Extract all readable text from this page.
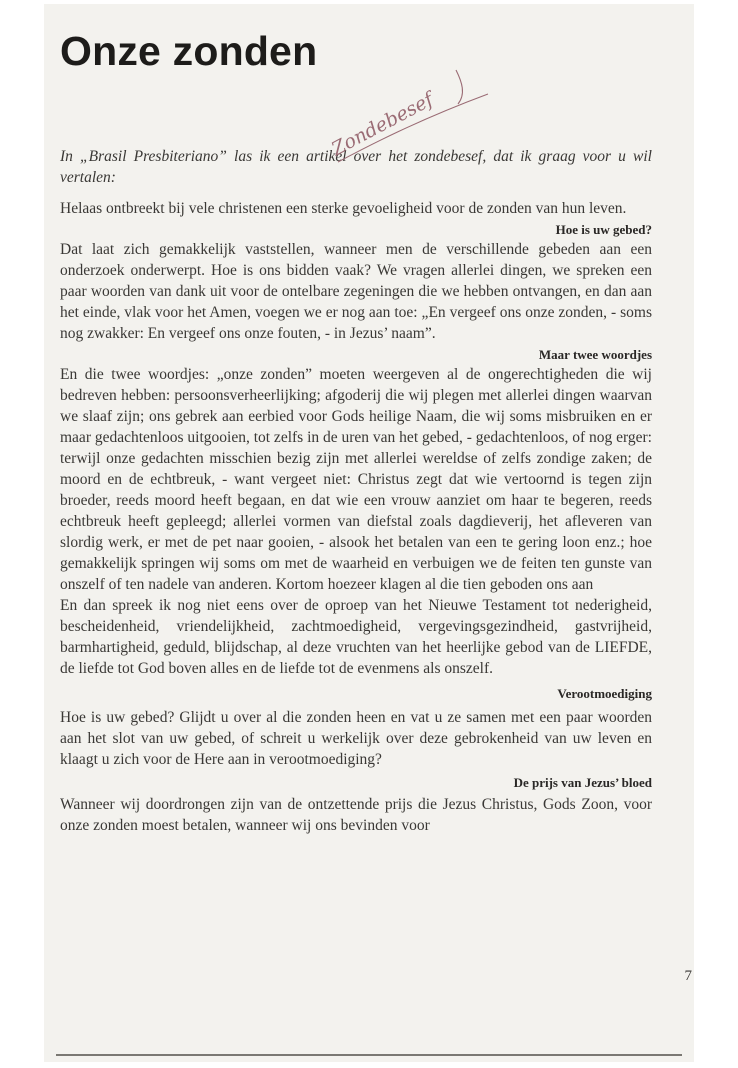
Onze zonden
Zondebesef

In „Brasil Presbiteriano” las ik een artikel over het zondebesef, dat ik graag voor u wil vertalen:

Helaas ontbreekt bij vele christenen een sterke gevoeligheid voor de zonden van hun leven.

Hoe is uw gebed?

Dat laat zich gemakkelijk vaststellen, wanneer men de verschillende gebeden aan een onderzoek onderwerpt. Hoe is ons bidden vaak? We vragen allerlei dingen, we spreken een paar woorden van dank uit voor de ontelbare zegeningen die we hebben ontvangen, en dan aan het einde, vlak voor het Amen, voegen we er nog aan toe: „En vergeef ons onze zonden, - soms nog zwakker: En vergeef ons onze fouten, - in Jezus’ naam”.

Maar twee woordjes

En die twee woordjes: „onze zonden” moeten weergeven al de ongerechtigheden die wij bedreven hebben: persoonsverheerlijking; afgoderij die wij plegen met allerlei dingen waarvan we slaaf zijn; ons gebrek aan eerbied voor Gods heilige Naam, die wij soms misbruiken en er maar gedachtenloos uitgooien, tot zelfs in de uren van het gebed, - gedachtenloos, of nog erger: terwijl onze gedachten misschien bezig zijn met allerlei wereldse of zelfs zondige zaken; de moord en de echtbreuk, - want vergeet niet: Christus zegt dat wie vertoornd is tegen zijn broeder, reeds moord heeft begaan, en dat wie een vrouw aanziet om haar te begeren, reeds echtbreuk heeft gepleegd; allerlei vormen van diefstal zoals dagdieverij, het afleveren van slordig werk, er met de pet naar gooien, - alsook het betalen van een te gering loon enz.; hoe gemakkelijk springen wij soms om met de waarheid en verbuigen we de feiten ten gunste van onszelf of ten nadele van anderen. Kortom hoezeer klagen al die tien geboden ons aan

En dan spreek ik nog niet eens over de oproep van het Nieuwe Testament tot nederigheid, bescheidenheid, vriendelijkheid, zachtmoedigheid, vergevingsgezindheid, gastvrijheid, barmhartigheid, geduld, blijdschap, al deze vruchten van het heerlijke gebod van de LIEFDE, de liefde tot God boven alles en de liefde tot de evenmens als onszelf.

Verootmoediging

Hoe is uw gebed? Glijdt u over al die zonden heen en vat u ze samen met een paar woorden aan het slot van uw gebed, of schreit u werkelijk over deze gebrokenheid van uw leven en klaagt u zich voor de Here aan in verootmoediging?

De prijs van Jezus’ bloed

Wanneer wij doordrongen zijn van de ontzettende prijs die Jezus Christus, Gods Zoon, voor onze zonden moest betalen, wanneer wij ons bevinden voor

7
